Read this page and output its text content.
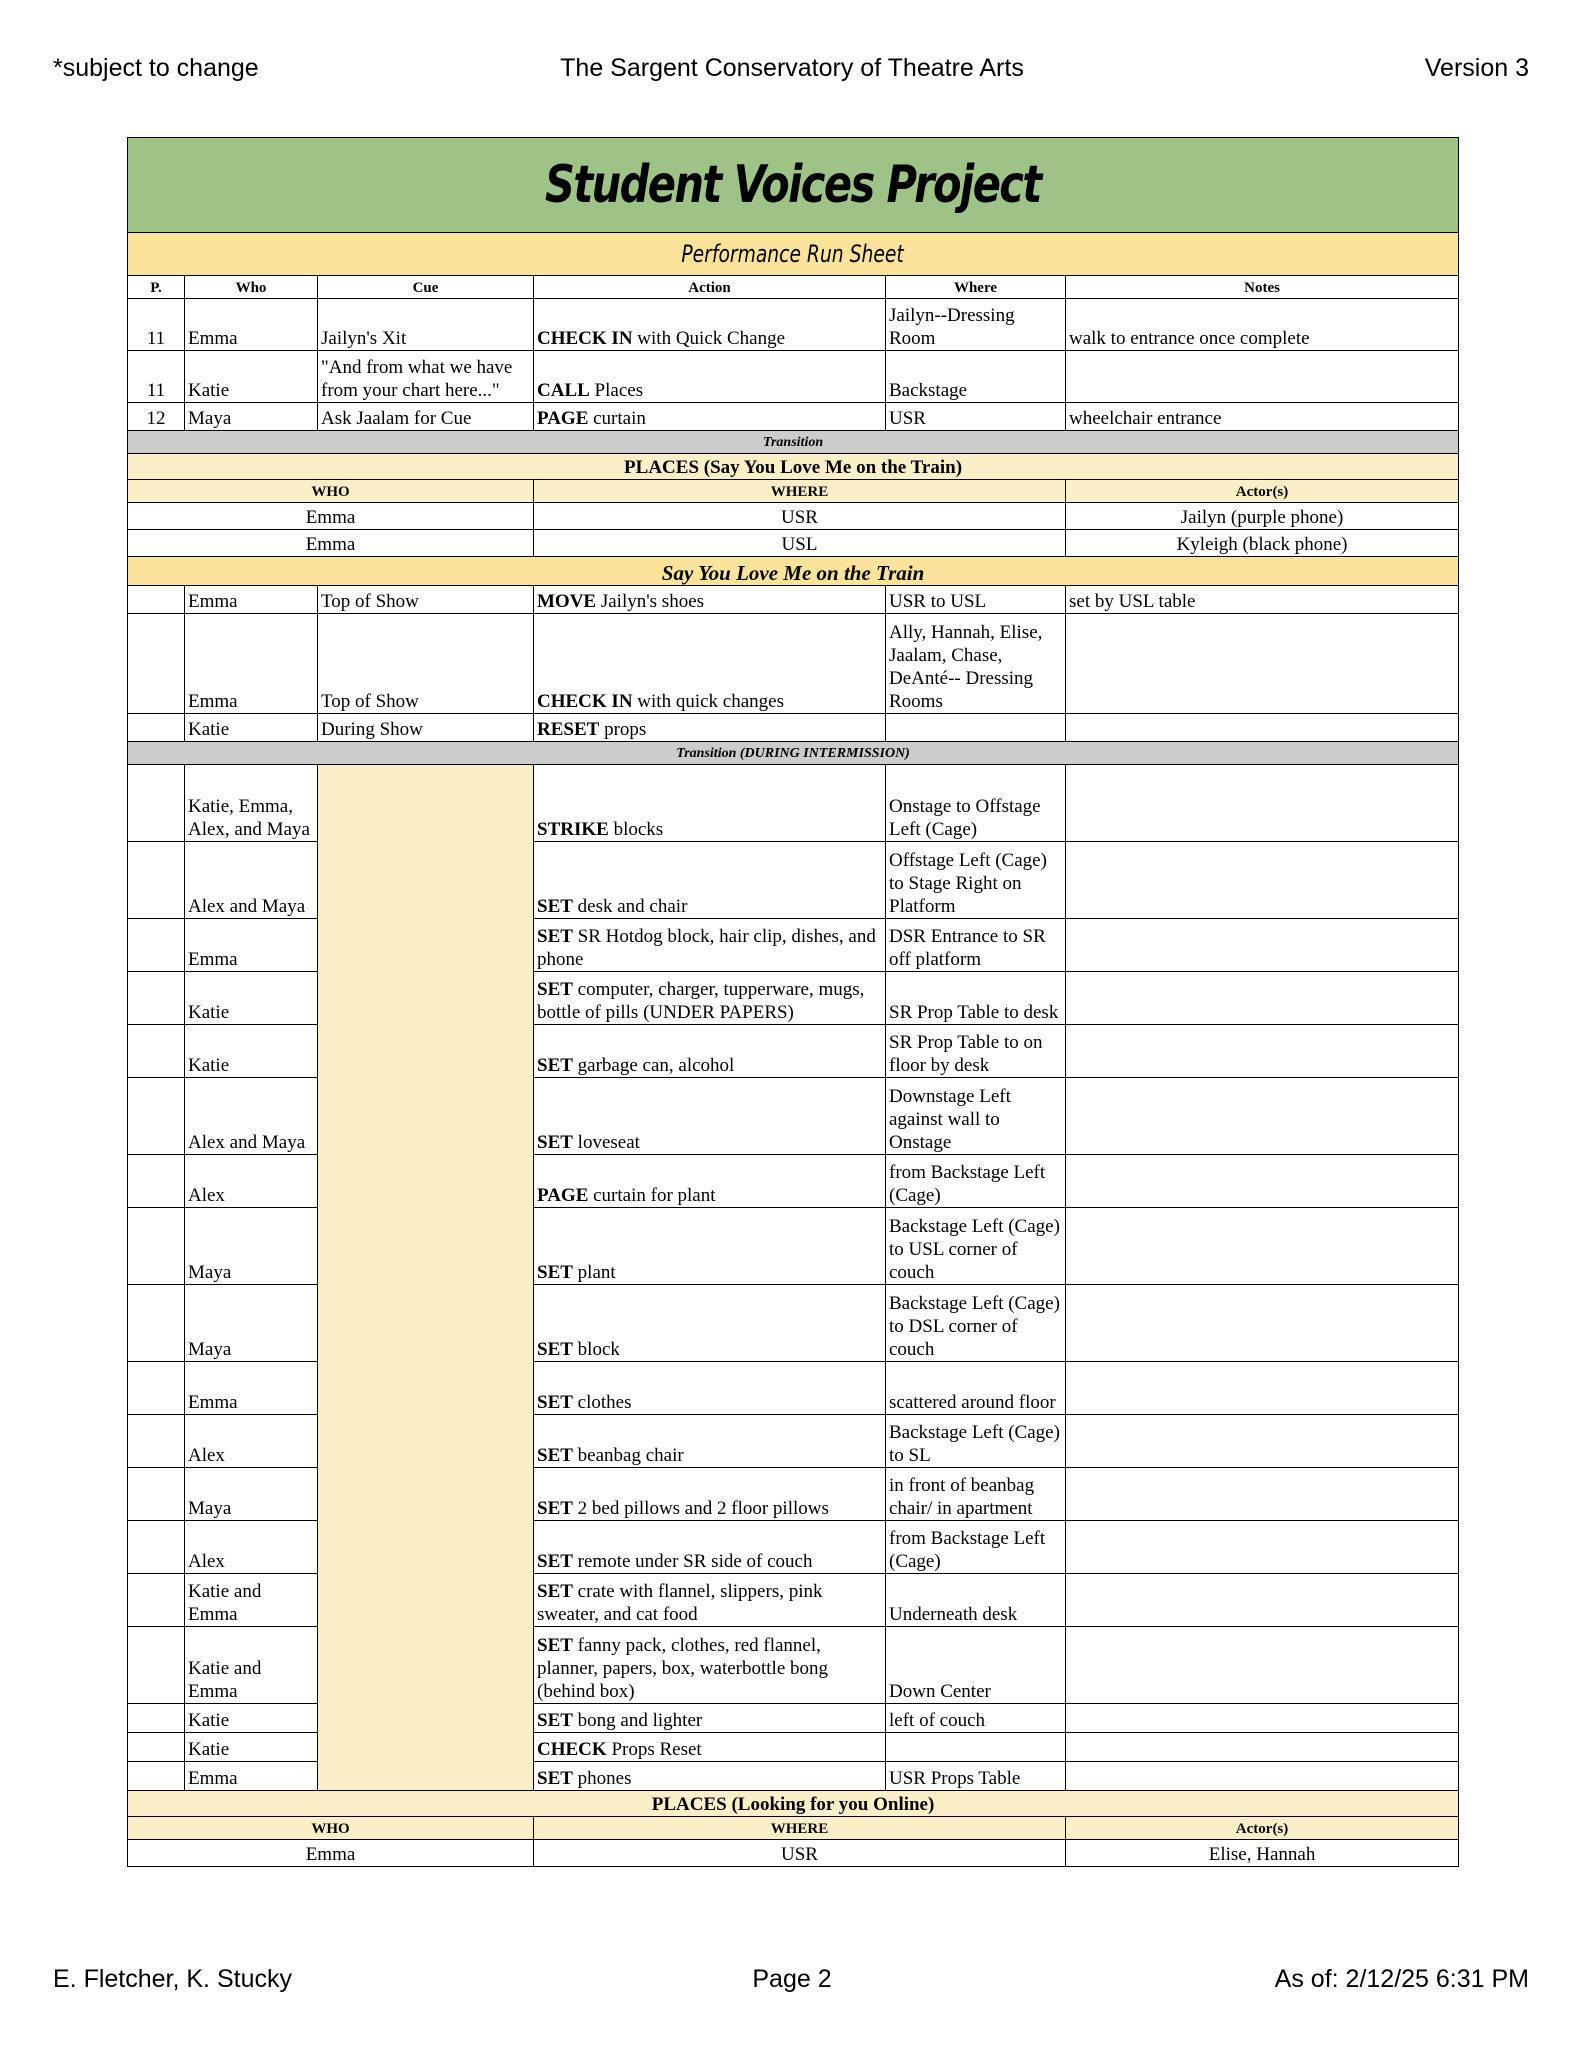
*subject to change	The Sargent Conservatory of Theatre Arts	Version 3
Student Voices Project					
Performance Run Sheet					
P.	Who	Cue	Action	Where	Notes
11	Emma	Jailyn's Xit	CHECK IN with Quick Change	Jailyn--Dressing Room	walk to entrance once complete
11	Katie	"And from what we have from your chart here..."	CALL Places	Backstage	
12	Maya	Ask Jaalam for Cue	PAGE curtain	USR	wheelchair entrance
Transition					
PLACES (Say You Love Me on the Train)					
WHO			WHERE		Actor(s)
Emma			USR		Jailyn (purple phone)
Emma			USL		Kyleigh (black phone)
Say You Love Me on the Train					
	Emma	Top of Show	MOVE Jailyn's shoes	USR to USL	set by USL table
	Emma	Top of Show	CHECK IN with quick changes	Ally, Hannah, Elise, Jaalam, Chase, DeAnté-- Dressing Rooms	
	Katie	During Show	RESET props		
Transition (DURING INTERMISSION)					
	Katie, Emma, Alex, and Maya		STRIKE blocks	Onstage to Offstage Left (Cage)	
	Alex and Maya		SET desk and chair	Offstage Left (Cage) to Stage Right on Platform	
	Emma		SET SR Hotdog block, hair clip, dishes, and phone	DSR Entrance to SR off platform	
	Katie		SET computer, charger, tupperware, mugs, bottle of pills (UNDER PAPERS)	SR Prop Table to desk	
	Katie		SET garbage can, alcohol	SR Prop Table to on floor by desk	
	Alex and Maya		SET loveseat	Downstage Left against wall to Onstage	
	Alex		PAGE curtain for plant	from Backstage Left (Cage)	
	Maya		SET plant	Backstage Left (Cage) to USL corner of couch	
	Maya		SET block	Backstage Left (Cage) to DSL corner of couch	
	Emma		SET clothes	scattered around floor	
	Alex		SET beanbag chair	Backstage Left (Cage) to SL	
	Maya		SET 2 bed pillows and 2 floor pillows	in front of beanbag chair/ in apartment	
	Alex		SET remote under SR side of couch	from Backstage Left (Cage)	
	Katie and Emma		SET crate with flannel, slippers, pink sweater, and cat food	Underneath desk	
	Katie and Emma		SET fanny pack, clothes, red flannel, planner, papers, box, waterbottle bong (behind box)	Down Center	
	Katie		SET bong and lighter	left of couch	
	Katie		CHECK Props Reset		
	Emma		SET phones	USR Props Table	
PLACES (Looking for you Online)					
WHO			WHERE		Actor(s)
Emma			USR		Elise, Hannah
E. Fletcher, K. Stucky	Page 2	As of: 2/12/25 6:31 PM
